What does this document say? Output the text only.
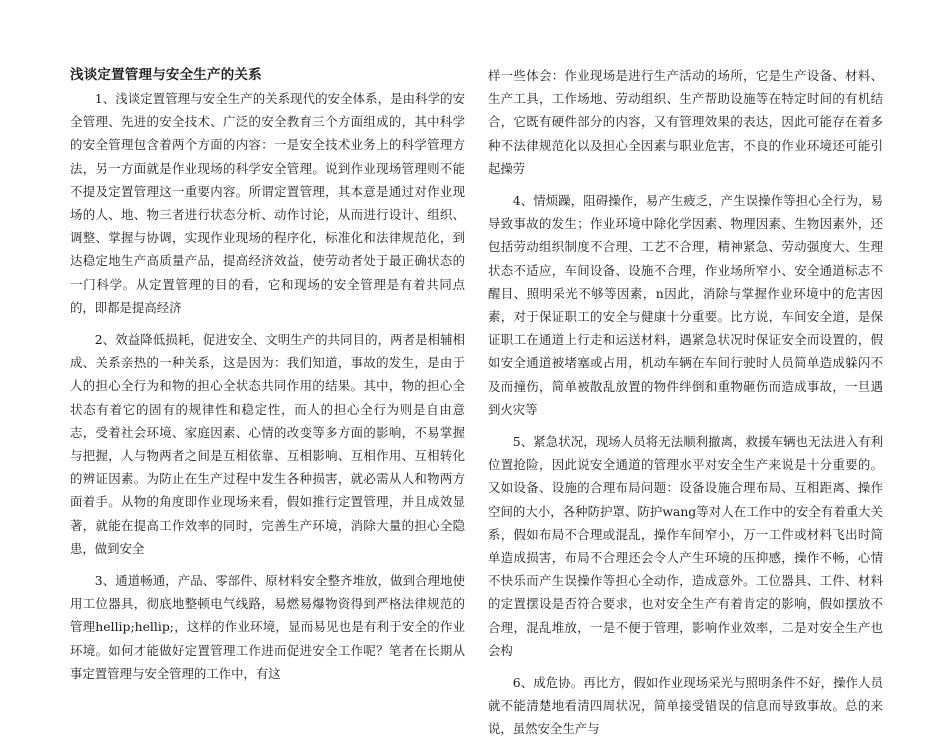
浅谈定置管理与安全生产的关系

1、浅谈定置管理与安全生产的关系现代的安全体系，是由科学的安全管理、先进的安全技术、广泛的安全教育三个方面组成的，其中科学的安全管理包含着两个方面的内容：一是安全技术业务上的科学管理方法，另一方面就是作业现场的科学安全管理。说到作业现场管理则不能不提及定置管理这一重要内容。所谓定置管理，其本意是通过对作业现场的人、地、物三者进行状态分析、动作讨论，从而进行设计、组织、调整、掌握与协调，实现作业现场的程序化，标准化和法律规范化，到达稳定地生产高质量产品，提高经济效益，使劳动者处于最正确状态的一门科学。从定置管理的目的看，它和现场的安全管理是有着共同点的，即都是提高经济

2、效益降低损耗，促进安全、文明生产的共同目的，两者是相辅相成、关系亲热的一种关系，这是因为：我们知道，事故的发生，是由于人的担心全行为和物的担心全状态共同作用的结果。其中，物的担心全状态有着它的固有的规律性和稳定性，而人的担心全行为则是自由意志，受着社会环境、家庭因素、心情的改变等多方面的影响，不易掌握与把握，人与物两者之间是互相依靠、互相影响、互相作用、互相转化的辨证因素。为防止在生产过程中发生各种损害，就必需从人和物两方面着手。从物的角度即作业现场来看，假如推行定置管理，并且成效显著，就能在提高工作效率的同时，完善生产环境，消除大量的担心全隐患，做到安全

3、通道畅通，产品、零部件、原材料安全整齐堆放，做到合理地使用工位器具，彻底地整顿电气线路，易燃易爆物资得到严格法律规范的管理hellip;hellip;，这样的作业环境，显而易见也是有利于安全的作业环境。如何才能做好定置管理工作进而促进安全工作呢？笔者在长期从事定置管理与安全管理的工作中，有这

样一些体会：作业现场是进行生产活动的场所，它是生产设备、材料、生产工具，工作场地、劳动组织、生产帮助设施等在特定时间的有机结合，它既有硬件部分的内容，又有管理效果的表达，因此可能存在着多种不法律规范化以及担心全因素与职业危害，不良的作业环境还可能引起操劳

4、情烦躁，阻碍操作，易产生疲乏，产生误操作等担心全行为，易导致事故的发生；作业环境中除化学因素、物理因素、生物因素外，还包括劳动组织制度不合理、工艺不合理，精神紧急、劳动强度大、生理状态不适应，车间设备、设施不合理，作业场所窄小、安全通道标志不醒目、照明采光不够等因素，n因此，消除与掌握作业环境中的危害因素，对于保证职工的安全与健康十分重要。比方说，车间安全道，是保证职工在通道上行走和运送材料，遇紧急状况时保证安全而设置的，假如安全通道被堵塞或占用，机动车辆在车间行驶时人员简单造成躲闪不及而撞伤，简单被散乱放置的物件绊倒和重物砸伤而造成事故，一旦遇到火灾等

5、紧急状况，现场人员将无法顺利撤离，救援车辆也无法进入有利位置抢险，因此说安全通道的管理水平对安全生产来说是十分重要的。又如设备、设施的合理布局问题：设备设施合理布局、互相距离、操作空间的大小，各种防护罩、防护wang等对人在工作中的安全有着重大关系，假如布局不合理或混乱，操作车间窄小，万一工件或材料飞出时简单造成损害，布局不合理还会令人产生环境的压抑感，操作不畅，心情不快乐而产生误操作等担心全动作，造成意外。工位器具、工件、材料的定置摆设是否符合要求，也对安全生产有着肯定的影响，假如摆放不合理，混乱堆放，一是不便于管理，影响作业效率，二是对安全生产也会构

6、成危协。再比方，假如作业现场采光与照明条件不好，操作人员就不能清楚地看清四周状况，简单接受错误的信息而导致事故。总的来说，虽然安全生产与
